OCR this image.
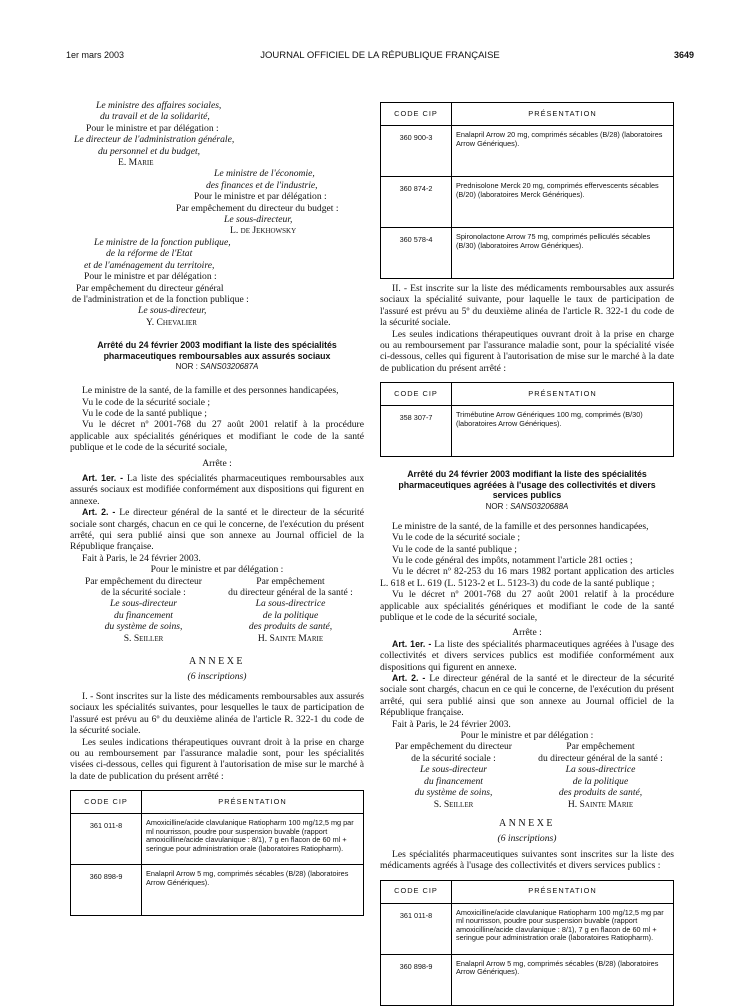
1er mars 2003	JOURNAL OFFICIEL DE LA RÉPUBLIQUE FRANÇAISE	3649

Le ministre des affaires sociales,

du travail et de la solidarité,

Pour le ministre et par délégation :

Le directeur de l'administration générale,

du personnel et du budget,

E. Marie

Le ministre de l'économie,

des finances et de l'industrie,

Pour le ministre et par délégation :

Par empêchement du directeur du budget :

Le sous-directeur,

L. de Jekhowsky

Le ministre de la fonction publique,

de la réforme de l'Etat

et de l'aménagement du territoire,

Pour le ministre et par délégation :

Par empêchement du directeur général

de l'administration et de la fonction publique :

Le sous-directeur,

Y. Chevalier

Arrêté du 24 février 2003 modifiant la liste des spécialités pharmaceutiques remboursables aux assurés sociaux

NOR : SANS0320687A

Le ministre de la santé, de la famille et des personnes handicapées,

Vu le code de la sécurité sociale ;

Vu le code de la santé publique ;

Vu le décret nº 2001-768 du 27 août 2001 relatif à la procédure applicable aux spécialités génériques et modifiant le code de la santé publique et le code de la sécurité sociale,

Arrête :

Art. 1er. - La liste des spécialités pharmaceutiques remboursables aux assurés sociaux est modifiée conformément aux dispositions qui figurent en annexe.

Art. 2. - Le directeur général de la santé et le directeur de la sécurité sociale sont chargés, chacun en ce qui le concerne, de l'exécution du présent arrêté, qui sera publié ainsi que son annexe au Journal officiel de la République française.

Fait à Paris, le 24 février 2003.

Pour le ministre et par délégation :

Par empêchement du directeur

de la sécurité sociale :

Le sous-directeur

du financement

du système de soins,

S. Seiller

Par empêchement

du directeur général de la santé :

La sous-directrice

de la politique

des produits de santé,

H. Sainte Marie

ANNEXE

(6 inscriptions)

I. - Sont inscrites sur la liste des médicaments remboursables aux assurés sociaux les spécialités suivantes, pour lesquelles le taux de participation de l'assuré est prévu au 6º du deuxième alinéa de l'article R. 322-1 du code de la sécurité sociale.

Les seules indications thérapeutiques ouvrant droit à la prise en charge ou au remboursement par l'assurance maladie sont, pour les spécialités visées ci-dessous, celles qui figurent à l'autorisation de mise sur le marché à la date de publication du présent arrêté :

CODE CIP	PRÉSENTATION
361 011-8	Amoxicilline/acide clavulanique Ratiopharm 100 mg/12,5 mg par ml nourrisson, poudre pour suspension buvable (rapport amoxicilline/acide clavulanique : 8/1), 7 g en flacon de 60 ml + seringue pour administration orale (laboratoires Ratiopharm).
360 898-9	Enalapril Arrow 5 mg, comprimés sécables (B/28) (laboratoires Arrow Génériques).
CODE CIP	PRÉSENTATION
360 900-3	Enalapril Arrow 20 mg, comprimés sécables (B/28) (laboratoires Arrow Génériques).
360 874-2	Prednisolone Merck 20 mg, comprimés effervescents sécables (B/20) (laboratoires Merck Génériques).
360 578-4	Spironolactone Arrow 75 mg, comprimés pelliculés sécables (B/30) (laboratoires Arrow Génériques).

II. - Est inscrite sur la liste des médicaments remboursables aux assurés sociaux la spécialité suivante, pour laquelle le taux de participation de l'assuré est prévu au 5º du deuxième alinéa de l'article R. 322-1 du code de la sécurité sociale.

Les seules indications thérapeutiques ouvrant droit à la prise en charge ou au remboursement par l'assurance maladie sont, pour la spécialité visée ci-dessous, celles qui figurent à l'autorisation de mise sur le marché à la date de publication du présent arrêté :

CODE CIP	PRÉSENTATION
358 307-7	Trimébutine Arrow Génériques 100 mg, comprimés (B/30) (laboratoires Arrow Génériques).

Arrêté du 24 février 2003 modifiant la liste des spécialités pharmaceutiques agréées à l'usage des collectivités et divers services publics

NOR : SANS0320688A

Le ministre de la santé, de la famille et des personnes handicapées,

Vu le code de la sécurité sociale ;

Vu le code de la santé publique ;

Vu le code général des impôts, notamment l'article 281 octies ;

Vu le décret nº 82-253 du 16 mars 1982 portant application des articles L. 618 et L. 619 (L. 5123-2 et L. 5123-3) du code de la santé publique ;

Vu le décret nº 2001-768 du 27 août 2001 relatif à la procédure applicable aux spécialités génériques et modifiant le code de la santé publique et le code de la sécurité sociale,

Arrête :

Art. 1er. - La liste des spécialités pharmaceutiques agréées à l'usage des collectivités et divers services publics est modifiée conformément aux dispositions qui figurent en annexe.

Art. 2. - Le directeur général de la santé et le directeur de la sécurité sociale sont chargés, chacun en ce qui le concerne, de l'exécution du présent arrêté, qui sera publié ainsi que son annexe au Journal officiel de la République française.

Fait à Paris, le 24 février 2003.

Pour le ministre et par délégation :

Par empêchement du directeur

de la sécurité sociale :

Le sous-directeur

du financement

du système de soins,

S. Seiller

Par empêchement

du directeur général de la santé :

La sous-directrice

de la politique

des produits de santé,

H. Sainte Marie

ANNEXE

(6 inscriptions)

Les spécialités pharmaceutiques suivantes sont inscrites sur la liste des médicaments agréés à l'usage des collectivités et divers services publics :

CODE CIP	PRÉSENTATION
361 011-8	Amoxicilline/acide clavulanique Ratiopharm 100 mg/12,5 mg par ml nourrisson, poudre pour suspension buvable (rapport amoxicilline/acide clavulanique : 8/1), 7 g en flacon de 60 ml + seringue pour administration orale (laboratoires Ratiopharm).
360 898-9	Enalapril Arrow 5 mg, comprimés sécables (B/28) (laboratoires Arrow Génériques).
